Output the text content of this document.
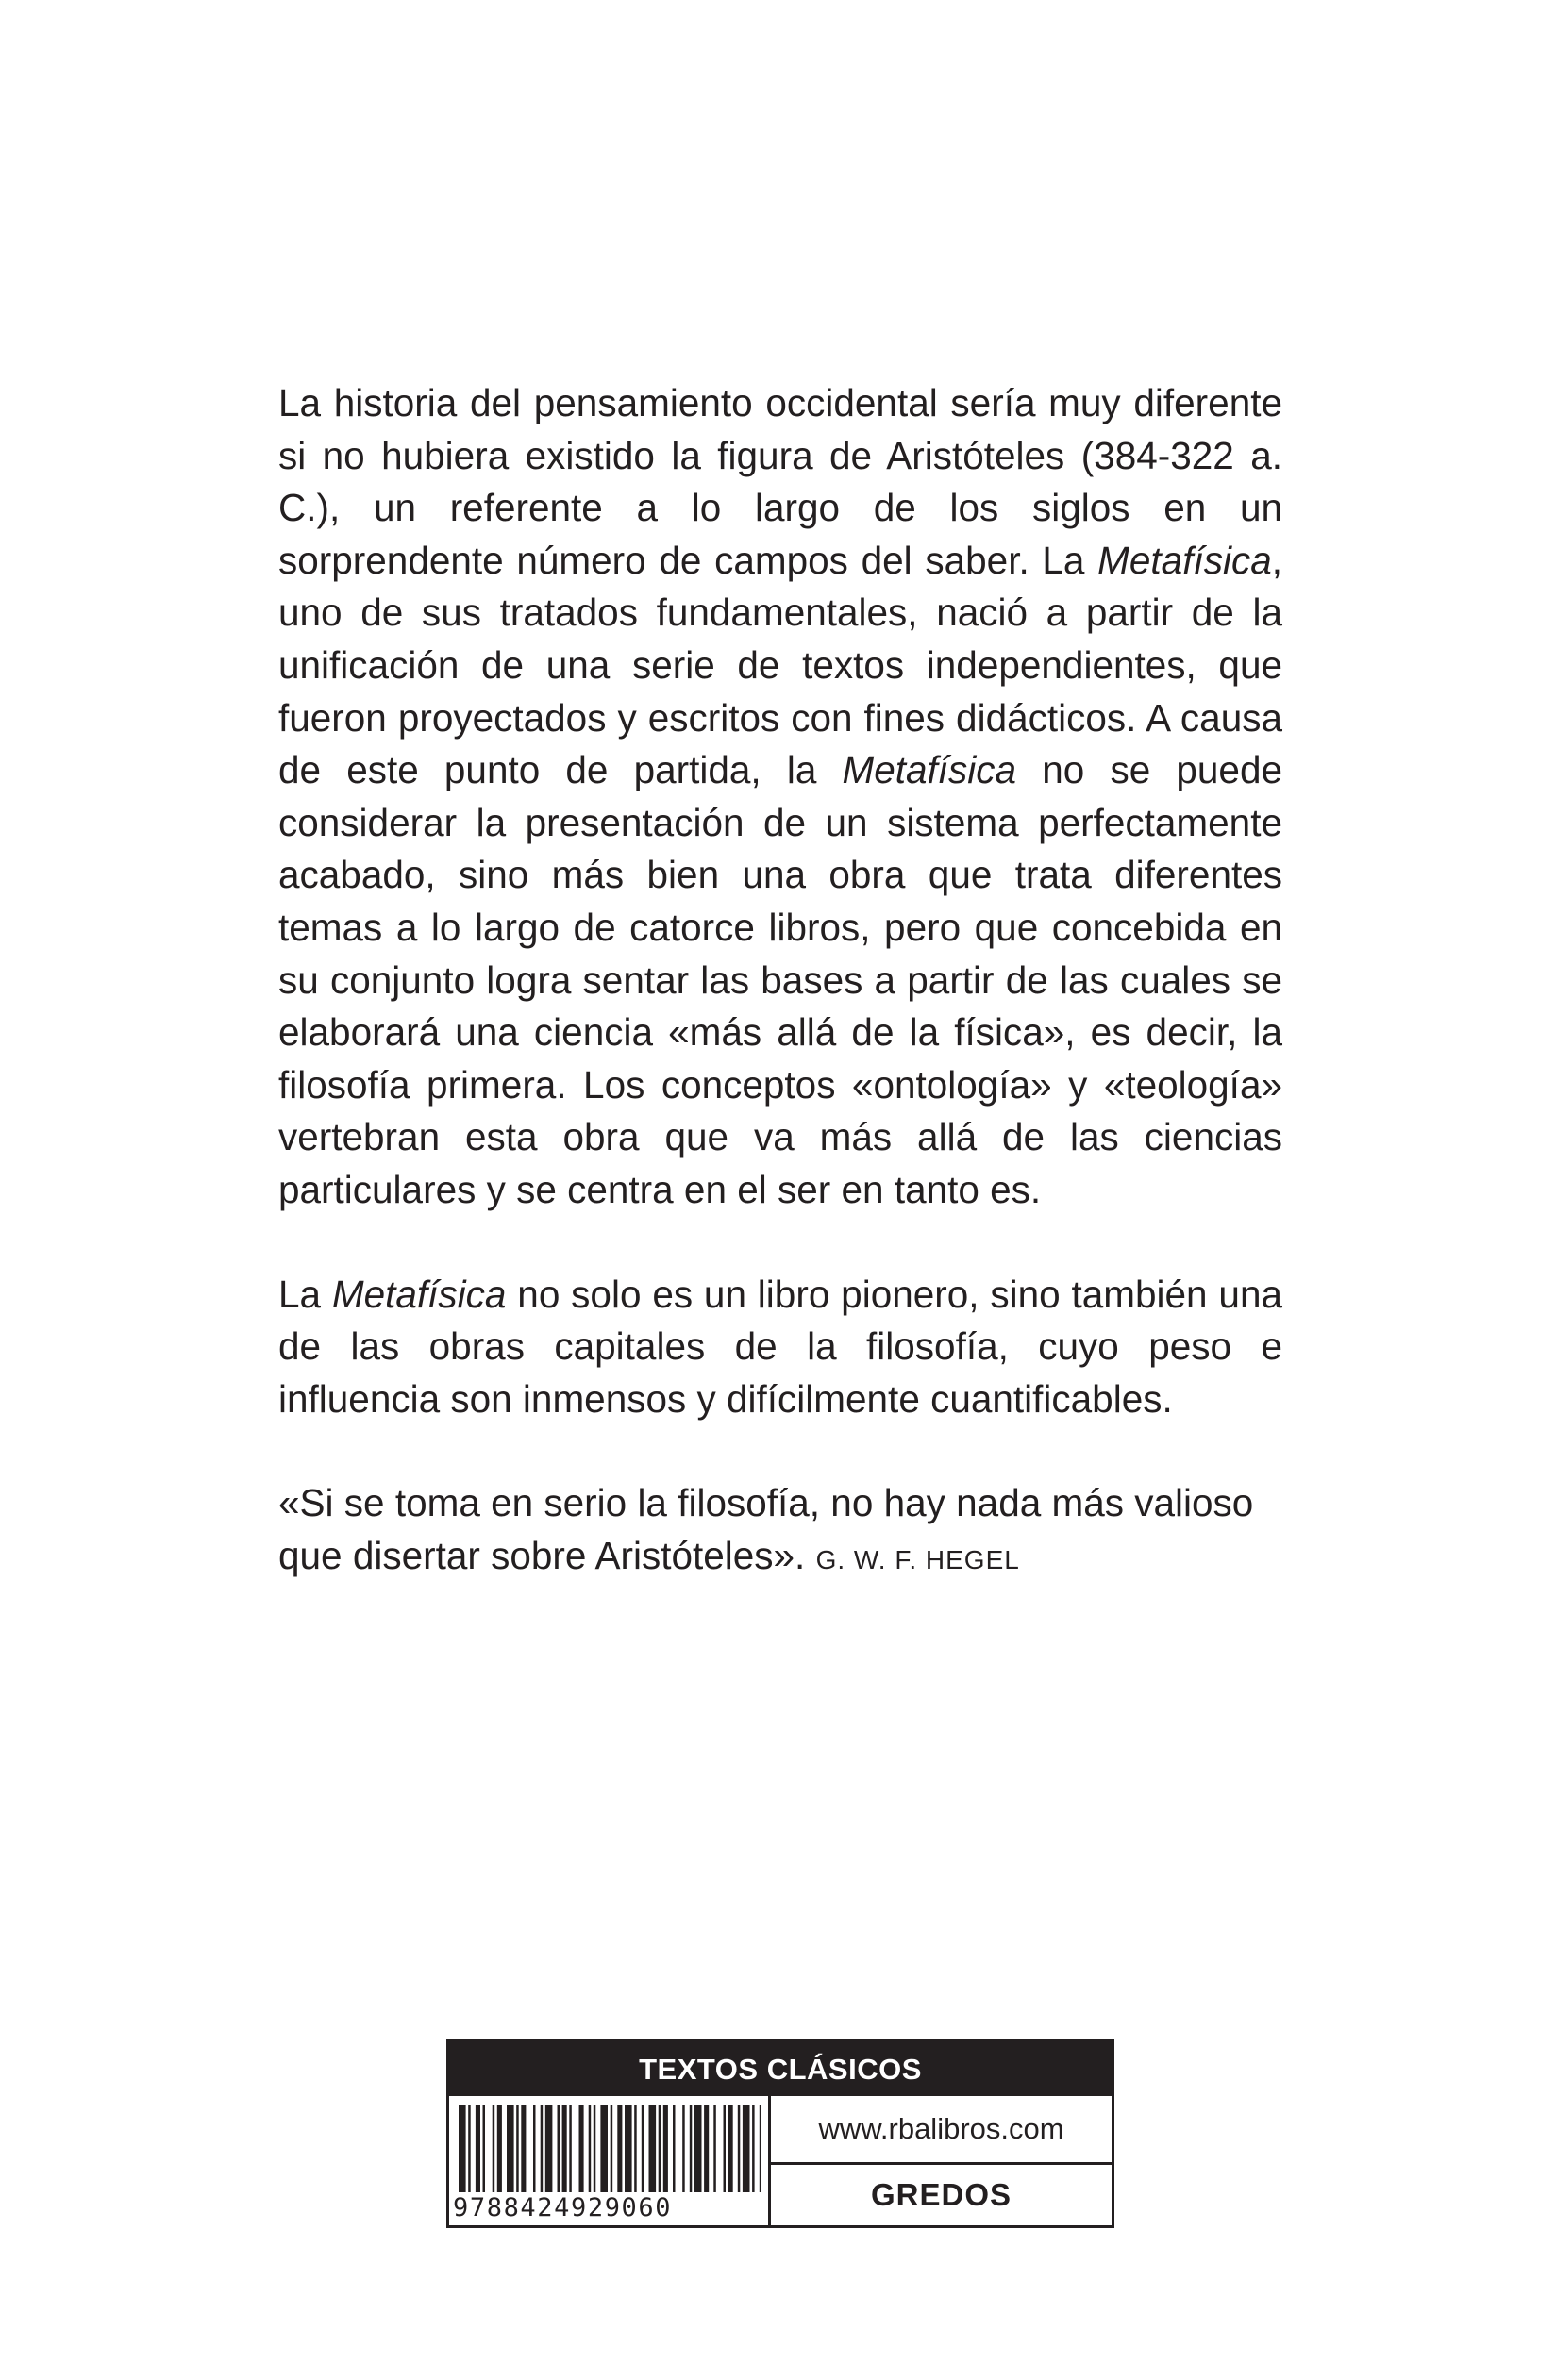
La historia del pensamiento occidental sería muy diferente si no hubiera existido la figura de Aristóteles (384-322 a. C.), un referente a lo largo de los siglos en un sorprendente número de campos del saber. La Metafísica, uno de sus tratados fundamentales, nació a partir de la unificación de una serie de textos independientes, que fueron proyectados y escritos con fines didácticos. A causa de este punto de partida, la Metafísica no se puede considerar la presentación de un sistema perfectamente acabado, sino más bien una obra que trata diferentes temas a lo largo de catorce libros, pero que concebida en su conjunto logra sentar las bases a partir de las cuales se elaborará una ciencia «más allá de la física», es decir, la filosofía primera. Los conceptos «ontología» y «teología» vertebran esta obra que va más allá de las ciencias particulares y se centra en el ser en tanto es.

La Metafísica no solo es un libro pionero, sino también una de las obras capitales de la filosofía, cuyo peso e influencia son inmensos y difícilmente cuantificables.

«Si se toma en serio la filosofía, no hay nada más valioso que disertar sobre Aristóteles». G. W. F. HEGEL

TEXTOS CLÁSICOS
9788424929060
www.rbalibros.com
GREDOS
